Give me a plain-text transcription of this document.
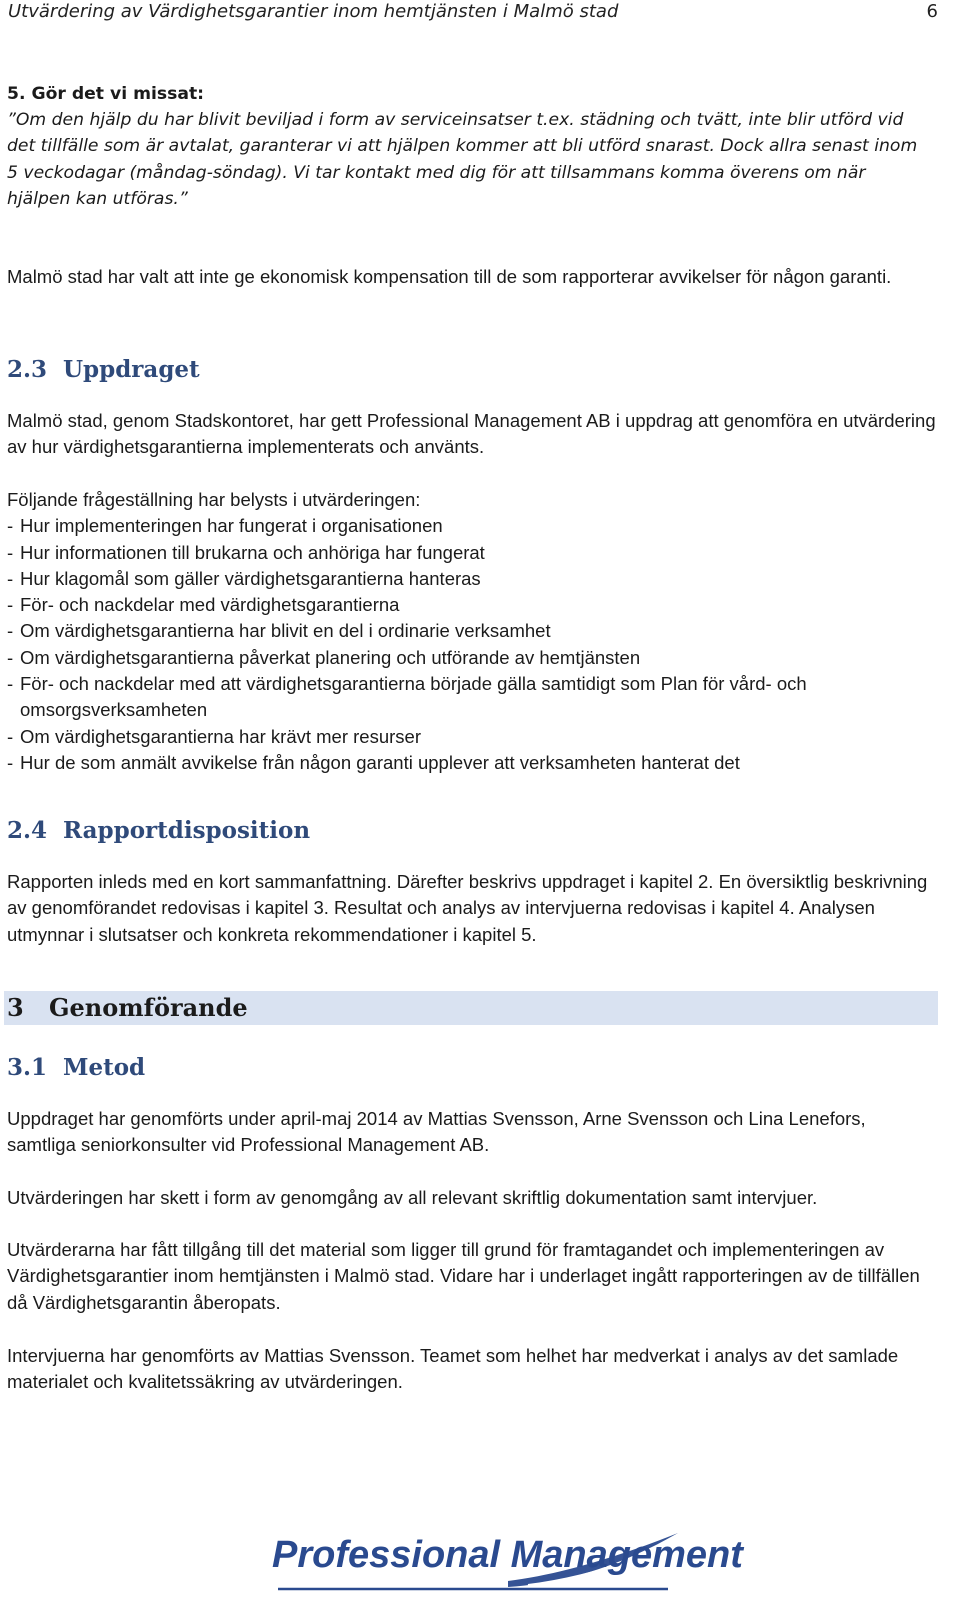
Utvärdering av Värdighetsgarantier inom hemtjänsten i Malmö stad	6
5. Gör det vi missat:
”Om den hjälp du har blivit beviljad i form av serviceinsatser t.ex. städning och tvätt, inte blir utförd vid
det tillfälle som är avtalat, garanterar vi att hjälpen kommer att bli utförd snarast. Dock allra senast inom
5 veckodagar (måndag-söndag). Vi tar kontakt med dig för att tillsammans komma överens om när
hjälpen kan utföras.”

Malmö stad har valt att inte ge ekonomisk kompensation till de som rapporterar avvikelser för någon garanti.

2.3 Uppdraget

Malmö stad, genom Stadskontoret, har gett Professional Management AB i uppdrag att genomföra en utvärdering av hur värdighetsgarantierna implementerats och använts.

Följande frågeställning har belysts i utvärderingen:

- Hur implementeringen har fungerat i organisationen
- Hur informationen till brukarna och anhöriga har fungerat
- Hur klagomål som gäller värdighetsgarantierna hanteras
- För- och nackdelar med värdighetsgarantierna
- Om värdighetsgarantierna har blivit en del i ordinarie verksamhet
- Om värdighetsgarantierna påverkat planering och utförande av hemtjänsten
- För- och nackdelar med att värdighetsgarantierna började gälla samtidigt som Plan för vård- och omsorgsverksamheten
- Om värdighetsgarantierna har krävt mer resurser
- Hur de som anmält avvikelse från någon garanti upplever att verksamheten hanterat det
2.4 Rapportdisposition

Rapporten inleds med en kort sammanfattning. Därefter beskrivs uppdraget i kapitel 2. En översiktlig beskrivning av genomförandet redovisas i kapitel 3. Resultat och analys av intervjuerna redovisas i kapitel 4. Analysen utmynnar i slutsatser och konkreta rekommendationer i kapitel 5.

3 Genomförande
3.1 Metod

Uppdraget har genomförts under april-maj 2014 av Mattias Svensson, Arne Svensson och Lina Lenefors, samtliga seniorkonsulter vid Professional Management AB.

Utvärderingen har skett i form av genomgång av all relevant skriftlig dokumentation samt intervjuer.

Utvärderarna har fått tillgång till det material som ligger till grund för framtagandet och implementeringen av Värdighetsgarantier inom hemtjänsten i Malmö stad. Vidare har i underlaget ingått rapporteringen av de tillfällen då Värdighetsgarantin åberopats.

Intervjuerna har genomförts av Mattias Svensson. Teamet som helhet har medverkat i analys av det samlade materialet och kvalitetssäkring av utvärderingen.

Professional Management
